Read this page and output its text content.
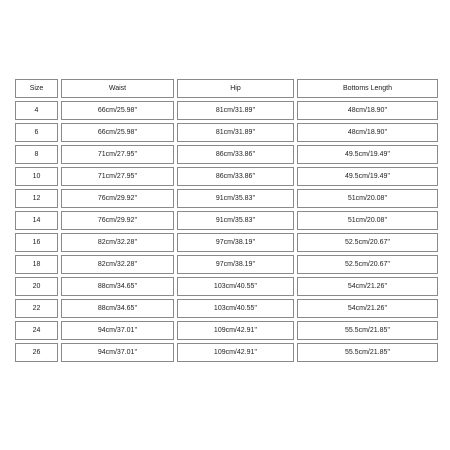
Size	Waist	Hip	Bottoms Length
4	66cm/25.98''	81cm/31.89''	48cm/18.90''
6	66cm/25.98''	81cm/31.89''	48cm/18.90''
8	71cm/27.95''	86cm/33.86''	49.5cm/19.49''
10	71cm/27.95''	86cm/33.86''	49.5cm/19.49''
12	76cm/29.92''	91cm/35.83''	51cm/20.08''
14	76cm/29.92''	91cm/35.83''	51cm/20.08''
16	82cm/32.28''	97cm/38.19''	52.5cm/20.67''
18	82cm/32.28''	97cm/38.19''	52.5cm/20.67''
20	88cm/34.65''	103cm/40.55''	54cm/21.26''
22	88cm/34.65''	103cm/40.55''	54cm/21.26''
24	94cm/37.01''	109cm/42.91''	55.5cm/21.85''
26	94cm/37.01''	109cm/42.91''	55.5cm/21.85''
